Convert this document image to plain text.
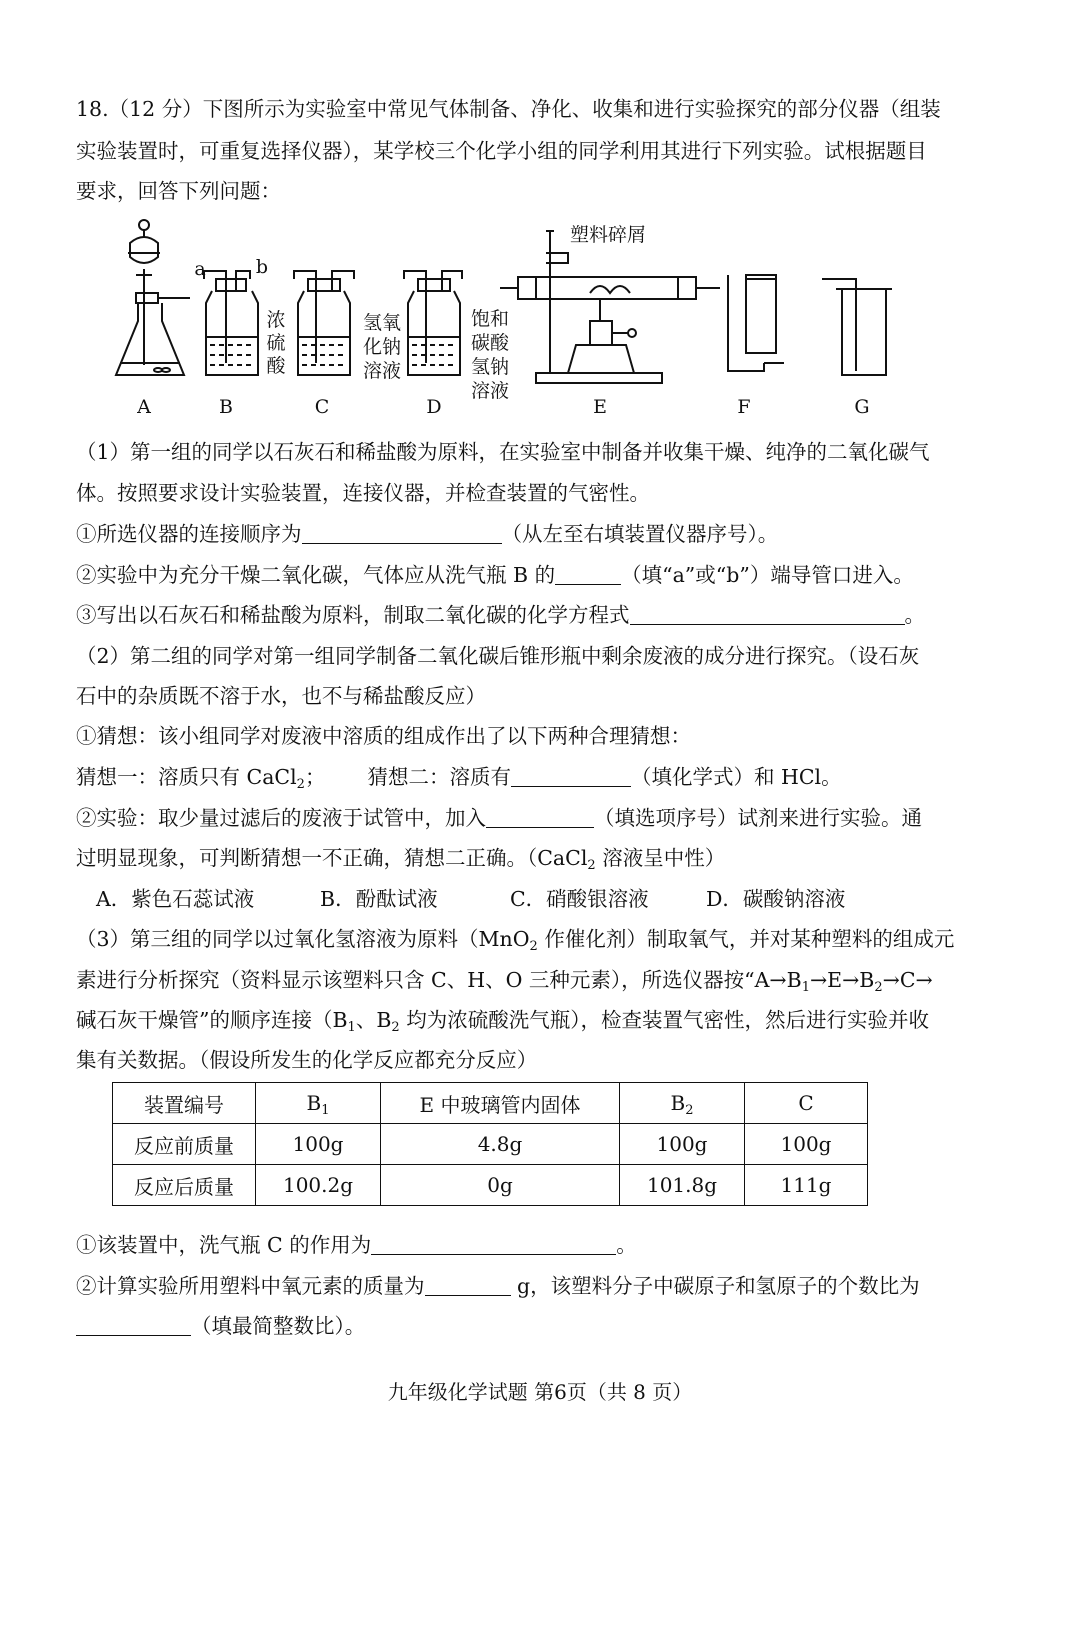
18.（12 分）下图所示为实验室中常见气体制备、净化、收集和进行实验探究的部分仪器（组装
实验装置时，可重复选择仪器），某学校三个化学小组的同学利用其进行下列实验。试根据题目
要求，回答下列问题：
a	b
浓
硫
酸
氢氧
化钠
溶液
饱和
碳酸
氢钠
溶液
塑料碎屑
A	B	C	D	E	F	G
（1）第一组的同学以石灰石和稀盐酸为原料，在实验室中制备并收集干燥、纯净的二氧化碳气
体。按照要求设计实验装置，连接仪器，并检查装置的气密性。
①所选仪器的连接顺序为	（从左至右填装置仪器序号）。
②实验中为充分干燥二氧化碳，气体应从洗气瓶 B 的	（填“a”或“b”）端导管口进入。
③写出以石灰石和稀盐酸为原料，制取二氧化碳的化学方程式	。
（2）第二组的同学对第一组同学制备二氧化碳后锥形瓶中剩余废液的成分进行探究。（设石灰
石中的杂质既不溶于水，也不与稀盐酸反应）
①猜想：该小组同学对废液中溶质的组成作出了以下两种合理猜想：
猜想一：溶质只有 CaCl$_2$； 猜想二：溶质有	（填化学式）和 HCl。
②实验：取少量过滤后的废液于试管中，加入	（填选项序号）试剂来进行实验。通
过明显现象，可判断猜想一不正确，猜想二正确。（CaCl$_2$ 溶液呈中性）
A．紫色石蕊试液	B．酚酞试液	C．硝酸银溶液	D．碳酸钠溶液
（3）第三组的同学以过氧化氢溶液为原料（MnO$_2$ 作催化剂）制取氧气，并对某种塑料的组成元
素进行分析探究（资料显示该塑料只含 C、H、O 三种元素），所选仪器按“$A\to B_1\to E\to B_2\to C\to$
碱石灰干燥管”的顺序连接（$B_1$、$B_2$ 均为浓硫酸洗气瓶），检查装置气密性，然后进行实验并收
集有关数据。（假设所发生的化学反应都充分反应）
装置编号	$B_1$	E 中玻璃管内固体	$B_2$	C
反应前质量	100g	4.8g	100g	100g
反应后质量	100.2g	0g	101.8g	111g
①该装置中，洗气瓶 C 的作用为	。
②计算实验所用塑料中氧元素的质量为	g，该塑料分子中碳原子和氢原子的个数比为
（填最简整数比）。
九年级化学试题 第6页（共 8 页）
